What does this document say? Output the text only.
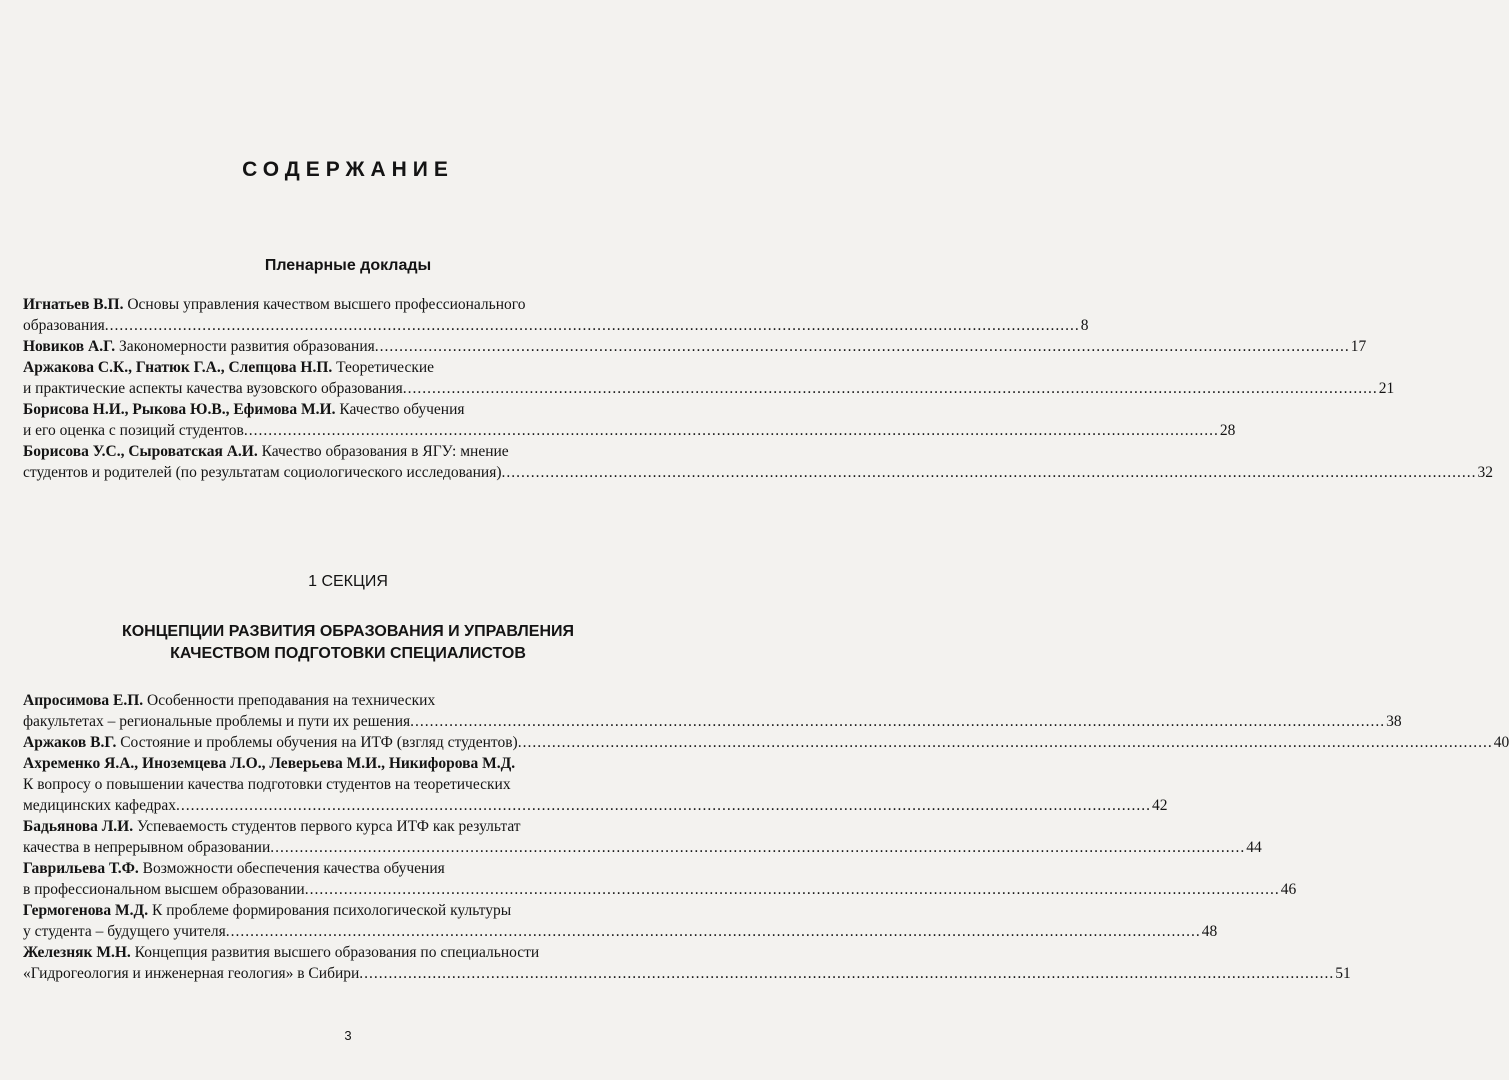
СОДЕРЖАНИЕ
Пленарные доклады
Игнатьев В.П. Основы управления качеством высшего профессионального
образования .....	8
Новиков А.Г. Закономерности развития образования .....	17
Аржакова С.К., Гнатюк Г.А., Слепцова Н.П. Теоретические
и практические аспекты качества вузовского образования .....	21
Борисова Н.И., Рыкова Ю.В., Ефимова М.И. Качество обучения
и его оценка с позиций студентов .....	28
Борисова У.С., Сыроватская А.И. Качество образования в ЯГУ: мнение
студентов и родителей (по результатам социологического исследования) .....	32
1 СЕКЦИЯ
КОНЦЕПЦИИ РАЗВИТИЯ ОБРАЗОВАНИЯ И УПРАВЛЕНИЯ
КАЧЕСТВОМ ПОДГОТОВКИ СПЕЦИАЛИСТОВ
Апросимова Е.П. Особенности преподавания на технических
факультетах – региональные проблемы и пути их решения .....	38
Аржаков В.Г. Состояние и проблемы обучения на ИТФ (взгляд студентов) .....	40
Ахременко Я.А., Иноземцева Л.О., Леверьева М.И., Никифорова М.Д.
К вопросу о повышении качества подготовки студентов на теоретических
медицинских кафедрах .....	42
Бадьянова Л.И. Успеваемость студентов первого курса ИТФ как результат
качества в непрерывном образовании .....	44
Гаврильева Т.Ф. Возможности обеспечения качества обучения
в профессиональном высшем образовании .....	46
Гермогенова М.Д. К проблеме формирования психологической культуры
у студента – будущего учителя .....	48
Железняк М.Н. Концепция развития высшего образования по специальности
«Гидрогеология и инженерная геология» в Сибири .....	51
3
